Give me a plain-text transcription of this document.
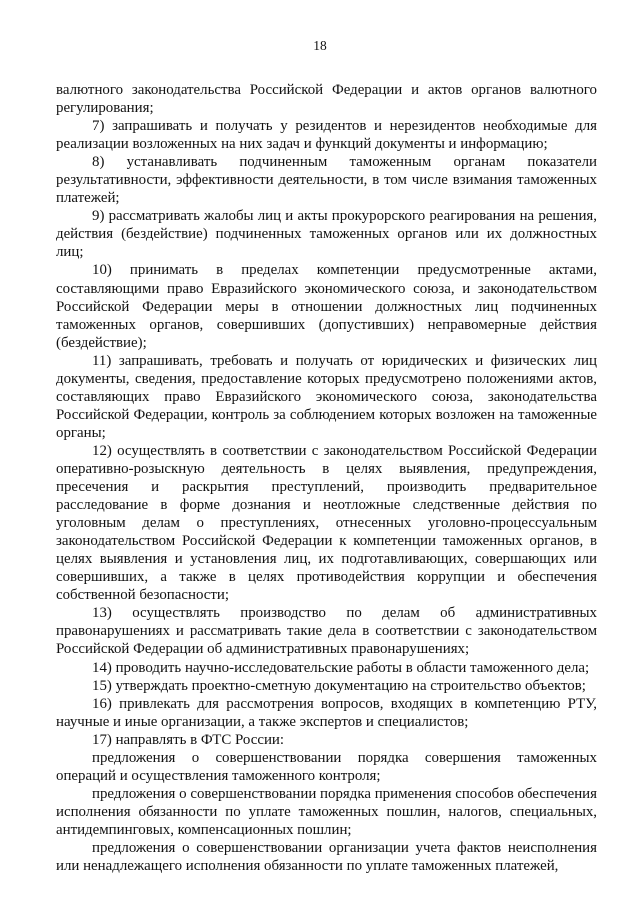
18

валютного законодательства Российской Федерации и актов органов валютного регулирования;

7) запрашивать и получать у резидентов и нерезидентов необходимые для реализации возложенных на них задач и функций документы и информацию;

8) устанавливать подчиненным таможенным органам показатели результативности, эффективности деятельности, в том числе взимания таможенных платежей;

9) рассматривать жалобы лиц и акты прокурорского реагирования на решения, действия (бездействие) подчиненных таможенных органов или их должностных лиц;

10) принимать в пределах компетенции предусмотренные актами, составляющими право Евразийского экономического союза, и законодательством Российской Федерации меры в отношении должностных лиц подчиненных таможенных органов, совершивших (допустивших) неправомерные действия (бездействие);

11) запрашивать, требовать и получать от юридических и физических лиц документы, сведения, предоставление которых предусмотрено положениями актов, составляющих право Евразийского экономического союза, законодательства Российской Федерации, контроль за соблюдением которых возложен на таможенные органы;

12) осуществлять в соответствии с законодательством Российской Федерации оперативно-розыскную деятельность в целях выявления, предупреждения, пресечения и раскрытия преступлений, производить предварительное расследование в форме дознания и неотложные следственные действия по уголовным делам о преступлениях, отнесенных уголовно-процессуальным законодательством Российской Федерации к компетенции таможенных органов, в целях выявления и установления лиц, их подготавливающих, совершающих или совершивших, а также в целях противодействия коррупции и обеспечения собственной безопасности;

13) осуществлять производство по делам об административных правонарушениях и рассматривать такие дела в соответствии с законодательством Российской Федерации об административных правонарушениях;

14) проводить научно-исследовательские работы в области таможенного дела;

15) утверждать проектно-сметную документацию на строительство объектов;

16) привлекать для рассмотрения вопросов, входящих в компетенцию РТУ, научные и иные организации, а также экспертов и специалистов;

17) направлять в ФТС России:

предложения о совершенствовании порядка совершения таможенных операций и осуществления таможенного контроля;

предложения о совершенствовании порядка применения способов обеспечения исполнения обязанности по уплате таможенных пошлин, налогов, специальных, антидемпинговых, компенсационных пошлин;

предложения о совершенствовании организации учета фактов неисполнения или ненадлежащего исполнения обязанности по уплате таможенных платежей,
